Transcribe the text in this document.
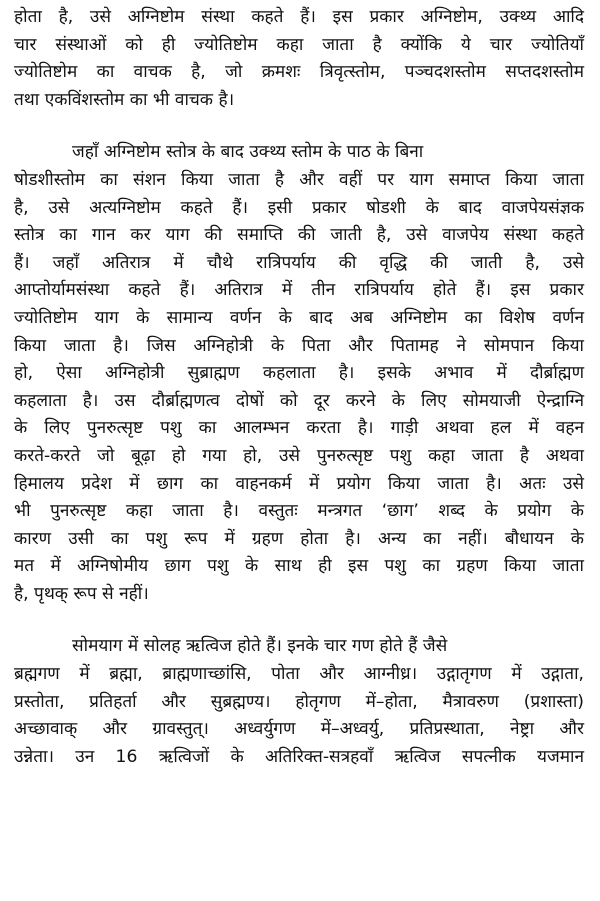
होता है, उसे अग्निष्टोम संस्था कहते हैं। इस प्रकार अग्निष्टोम, उक्थ्य आदि
चार संस्थाओं को ही ज्योतिष्टोम कहा जाता है क्योंकि ये चार ज्योतियाँ
ज्योतिष्टोम का वाचक है, जो क्रमशः त्रिवृत्स्तोम, पञ्चदशस्तोम सप्तदशस्तोम
तथा एकविंशस्तोम का भी वाचक है।
जहाँ अग्निष्टोम स्तोत्र के बाद उक्थ्य स्तोम के पाठ के बिना
षोडशीस्तोम का संशन किया जाता है और वहीं पर याग समाप्त किया जाता
है, उसे अत्यग्निष्टोम कहते हैं। इसी प्रकार षोडशी के बाद वाजपेयसंज्ञक
स्तोत्र का गान कर याग की समाप्ति की जाती है, उसे वाजपेय संस्था कहते
हैं। जहाँ अतिरात्र में चौथे रात्रिपर्याय की वृद्धि की जाती है, उसे
आप्तोर्यामसंस्था कहते हैं। अतिरात्र में तीन रात्रिपर्याय होते हैं। इस प्रकार
ज्योतिष्टोम याग के सामान्य वर्णन के बाद अब अग्निष्टोम का विशेष वर्णन
किया जाता है। जिस अग्निहोत्री के पिता और पितामह ने सोमपान किया
हो, ऐसा अग्निहोत्री सुब्राह्मण कहलाता है। इसके अभाव में दौर्ब्राह्मण
कहलाता है। उस दौर्ब्राह्मणत्व दोषों को दूर करने के लिए सोमयाजी ऐन्द्राग्नि
के लिए पुनरुत्सृष्ट पशु का आलम्भन करता है। गाड़ी अथवा हल में वहन
करते-करते जो बूढ़ा हो गया हो, उसे पुनरुत्सृष्ट पशु कहा जाता है अथवा
हिमालय प्रदेश में छाग का वाहनकर्म में प्रयोग किया जाता है। अतः उसे
भी पुनरुत्सृष्ट कहा जाता है। वस्तुतः मन्त्रगत ‘छाग’ शब्द के प्रयोग के
कारण उसी का पशु रूप में ग्रहण होता है। अन्य का नहीं। बौधायन के
मत में अग्निषोमीय छाग पशु के साथ ही इस पशु का ग्रहण किया जाता
है, पृथक् रूप से नहीं।
सोमयाग में सोलह ऋत्विज होते हैं। इनके चार गण होते हैं जैसे
ब्रह्मगण में ब्रह्मा, ब्राह्मणाच्छांसि, पोता और आग्नीध्र। उद्गातृगण में उद्गाता,
प्रस्तोता, प्रतिहर्ता और सुब्रह्मण्य। होतृगण में–होता, मैत्रावरुण (प्रशास्ता)
अच्छावाक् और ग्रावस्तुत्। अध्वर्युगण में–अध्वर्यु, प्रतिप्रस्थाता, नेष्ट्रा और
उन्नेता। उन 16 ऋत्विजों के अतिरिक्त-सत्रहवाँ ऋत्विज सपत्नीक यजमान
